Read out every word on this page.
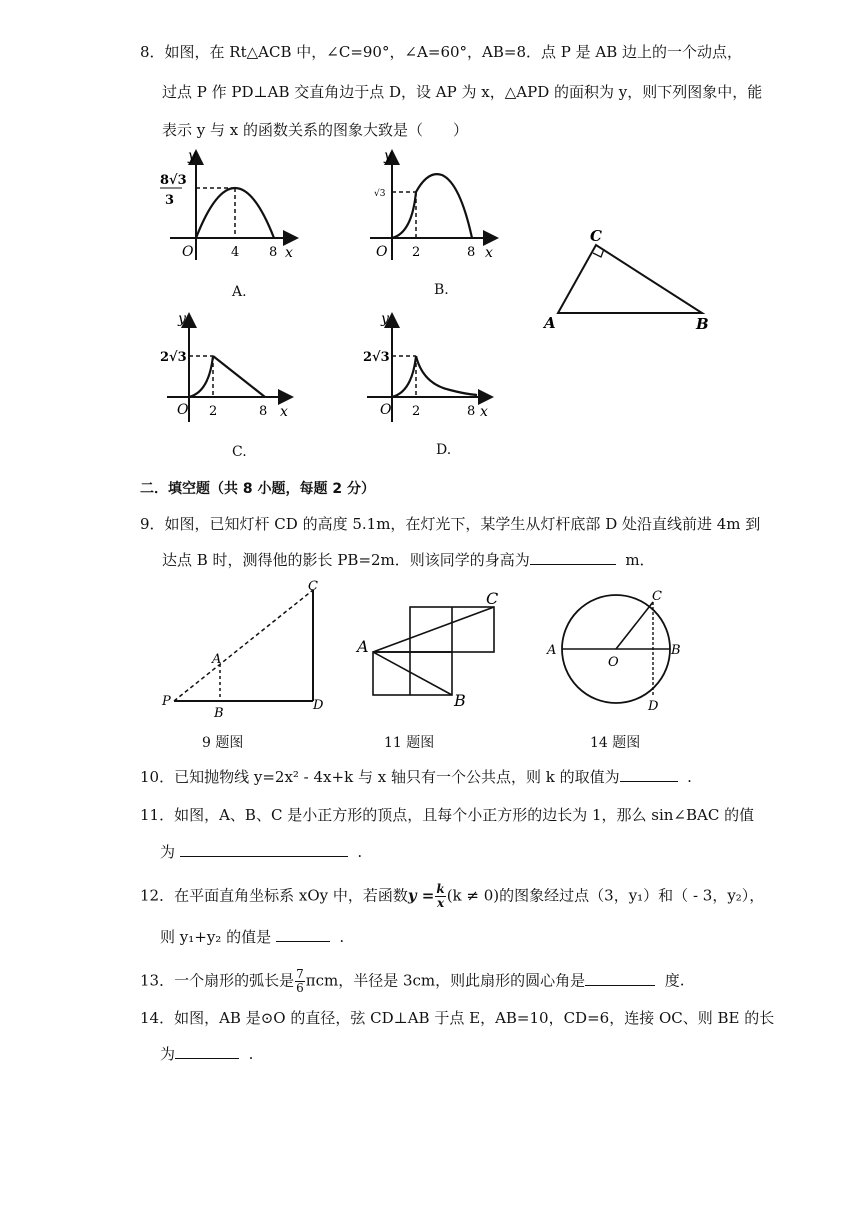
8．如图，在 Rt△ACB 中，∠C=90°，∠A=60°，AB=8．点 P 是 AB 边上的一个动点，
过点 P 作 PD⊥AB 交直角边于点 D，设 AP 为 x，△APD 的面积为 y，则下列图象中，能
表示 y 与 x 的函数关系的图象大致是（　　）
y
x
O
8√3
3
4 8
A.
y
x
O
√3
2	8
B.
C
A	B
y
x
O
2√3
2	8
C.
y
x
O
2√3
2	8
D.
二．填空题（共 8 小题，每题 2 分）
9．如图，已知灯杆 CD 的高度 5.1m，在灯光下，某学生从灯杆底部 D 处沿直线前进 4m 到
达点 B 时，测得他的影长 PB=2m．则该同学的身高为	m．
C
A
P
B
D
9 题图
A
C
B
11 题图
A	B
C
D
O
14 题图
10．已知抛物线 y=2x² - 4x+k 与 x 轴只有一个公共点，则 k 的取值为	.
11．如图，A、B、C 是小正方形的顶点，且每个小正方形的边长为 1，那么 sin∠BAC 的值
为	.
12．在平面直角坐标系 xOy 中，若函数$y = \frac{k}{x} (k \ne 0)$的图象经过点（3，y₁）和（ - 3，y₂），
则 y₁+y₂ 的值是	.
13．一个扇形的弧长是 $\frac{7}{6}$ πcm，半径是 3cm，则此扇形的圆心角是	度.
14．如图，AB 是⊙O 的直径，弦 CD⊥AB 于点 E，AB=10，CD=6，连接 OC、则 BE 的长
为	.
